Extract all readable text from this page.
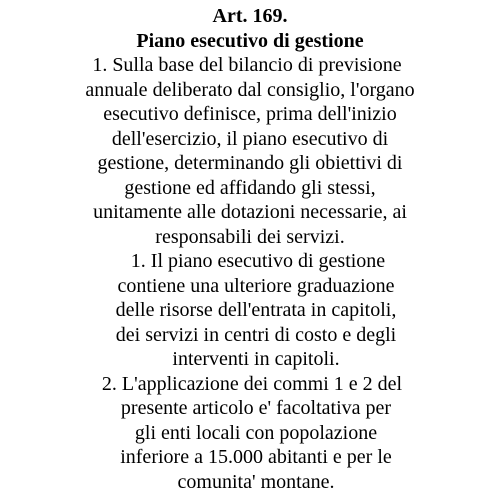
Art. 169.
Piano esecutivo di gestione
1. Sulla base del bilancio di previsione
annuale deliberato dal consiglio, l'organo
esecutivo definisce, prima dell'inizio
dell'esercizio, il piano esecutivo di
gestione, determinando gli obiettivi di
gestione ed affidando gli stessi,
unitamente alle dotazioni necessarie, ai
responsabili dei servizi.
1. Il piano esecutivo di gestione
contiene una ulteriore graduazione
delle risorse dell'entrata in capitoli,
dei servizi in centri di costo e degli
interventi in capitoli.
2. L'applicazione dei commi 1 e 2 del
presente articolo e' facoltativa per
gli enti locali con popolazione
inferiore a 15.000 abitanti e per le
comunita' montane.
